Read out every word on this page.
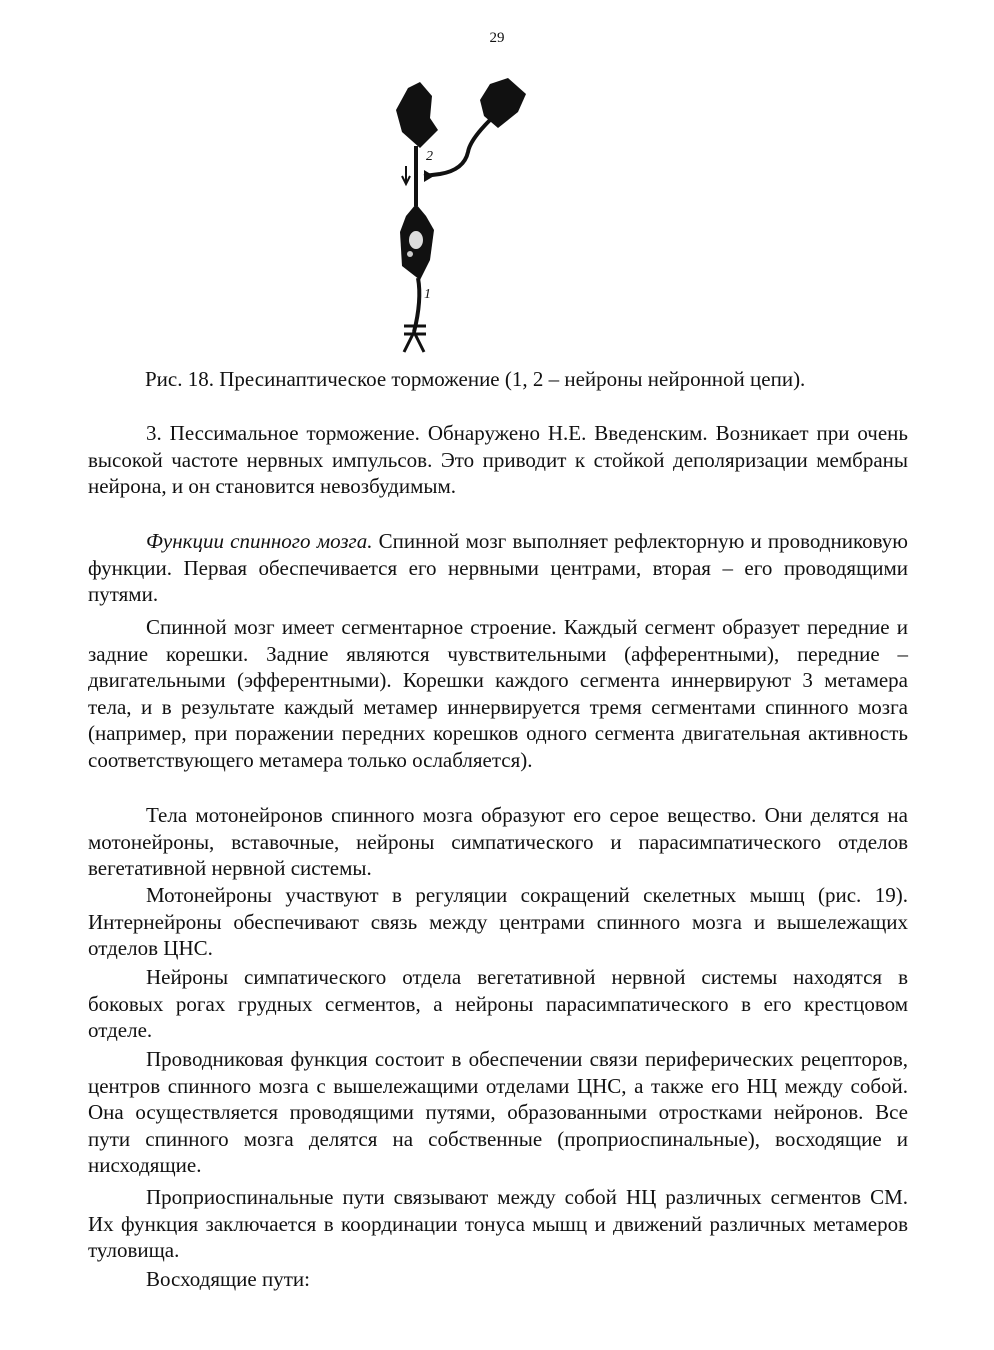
29
2
1
Рис. 18. Пресинаптическое торможение (1, 2 – нейроны нейронной цепи).

3. Пессимальное торможение. Обнаружено Н.Е. Введенским. Возникает при очень высокой частоте нервных импульсов. Это приводит к стойкой деполяризации мембраны нейрона, и он становится невозбудимым.

Функции спинного мозга. Спинной мозг выполняет рефлекторную и проводниковую функции. Первая обеспечивается его нервными центрами, вторая – его проводящими путями.

Спинной мозг имеет сегментарное строение. Каждый сегмент образует передние и задние корешки. Задние являются чувствительными (афферентными), передние – двигательными (эфферентными). Корешки каждого сегмента иннервируют 3 метамера тела, и в результате каждый метамер иннервируется тремя сегментами спинного мозга (например, при поражении передних корешков одного сегмента двигательная активность соответствующего метамера только ослабляется).

Тела мотонейронов спинного мозга образуют его серое вещество. Они делятся на мотонейроны, вставочные, нейроны симпатического и парасимпатического отделов вегетативной нервной системы.

Мотонейроны участвуют в регуляции сокращений скелетных мышц (рис. 19). Интернейроны обеспечивают связь между центрами спинного мозга и вышележащих отделов ЦНС.

Нейроны симпатического отдела вегетативной нервной системы находятся в боковых рогах грудных сегментов, а нейроны парасимпатического в его крестцовом отделе.

Проводниковая функция состоит в обеспечении связи периферических рецепторов, центров спинного мозга с вышележащими отделами ЦНС, а также его НЦ между собой. Она осуществляется проводящими путями, образованными отростками нейронов. Все пути спинного мозга делятся на собственные (проприоспинальные), восходящие и нисходящие.

Проприоспинальные пути связывают между собой НЦ различных сегментов СМ. Их функция заключается в координации тонуса мышц и движений различных метамеров туловища.

Восходящие пути:
